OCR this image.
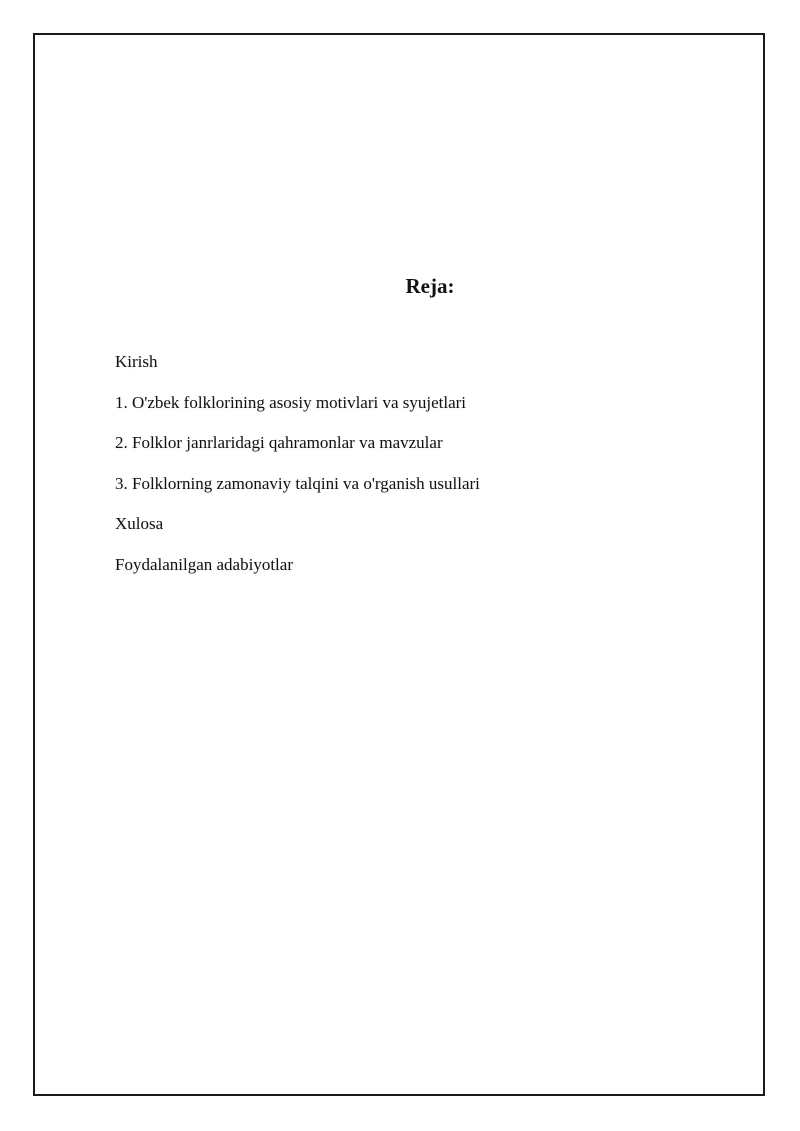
Reja:
Kirish
1. O'zbek folklorining asosiy motivlari va syujetlari
2. Folklor janrlaridagi qahramonlar va mavzular
3. Folklorning zamonaviy talqini va o'rganish usullari
Xulosa
Foydalanilgan adabiyotlar
